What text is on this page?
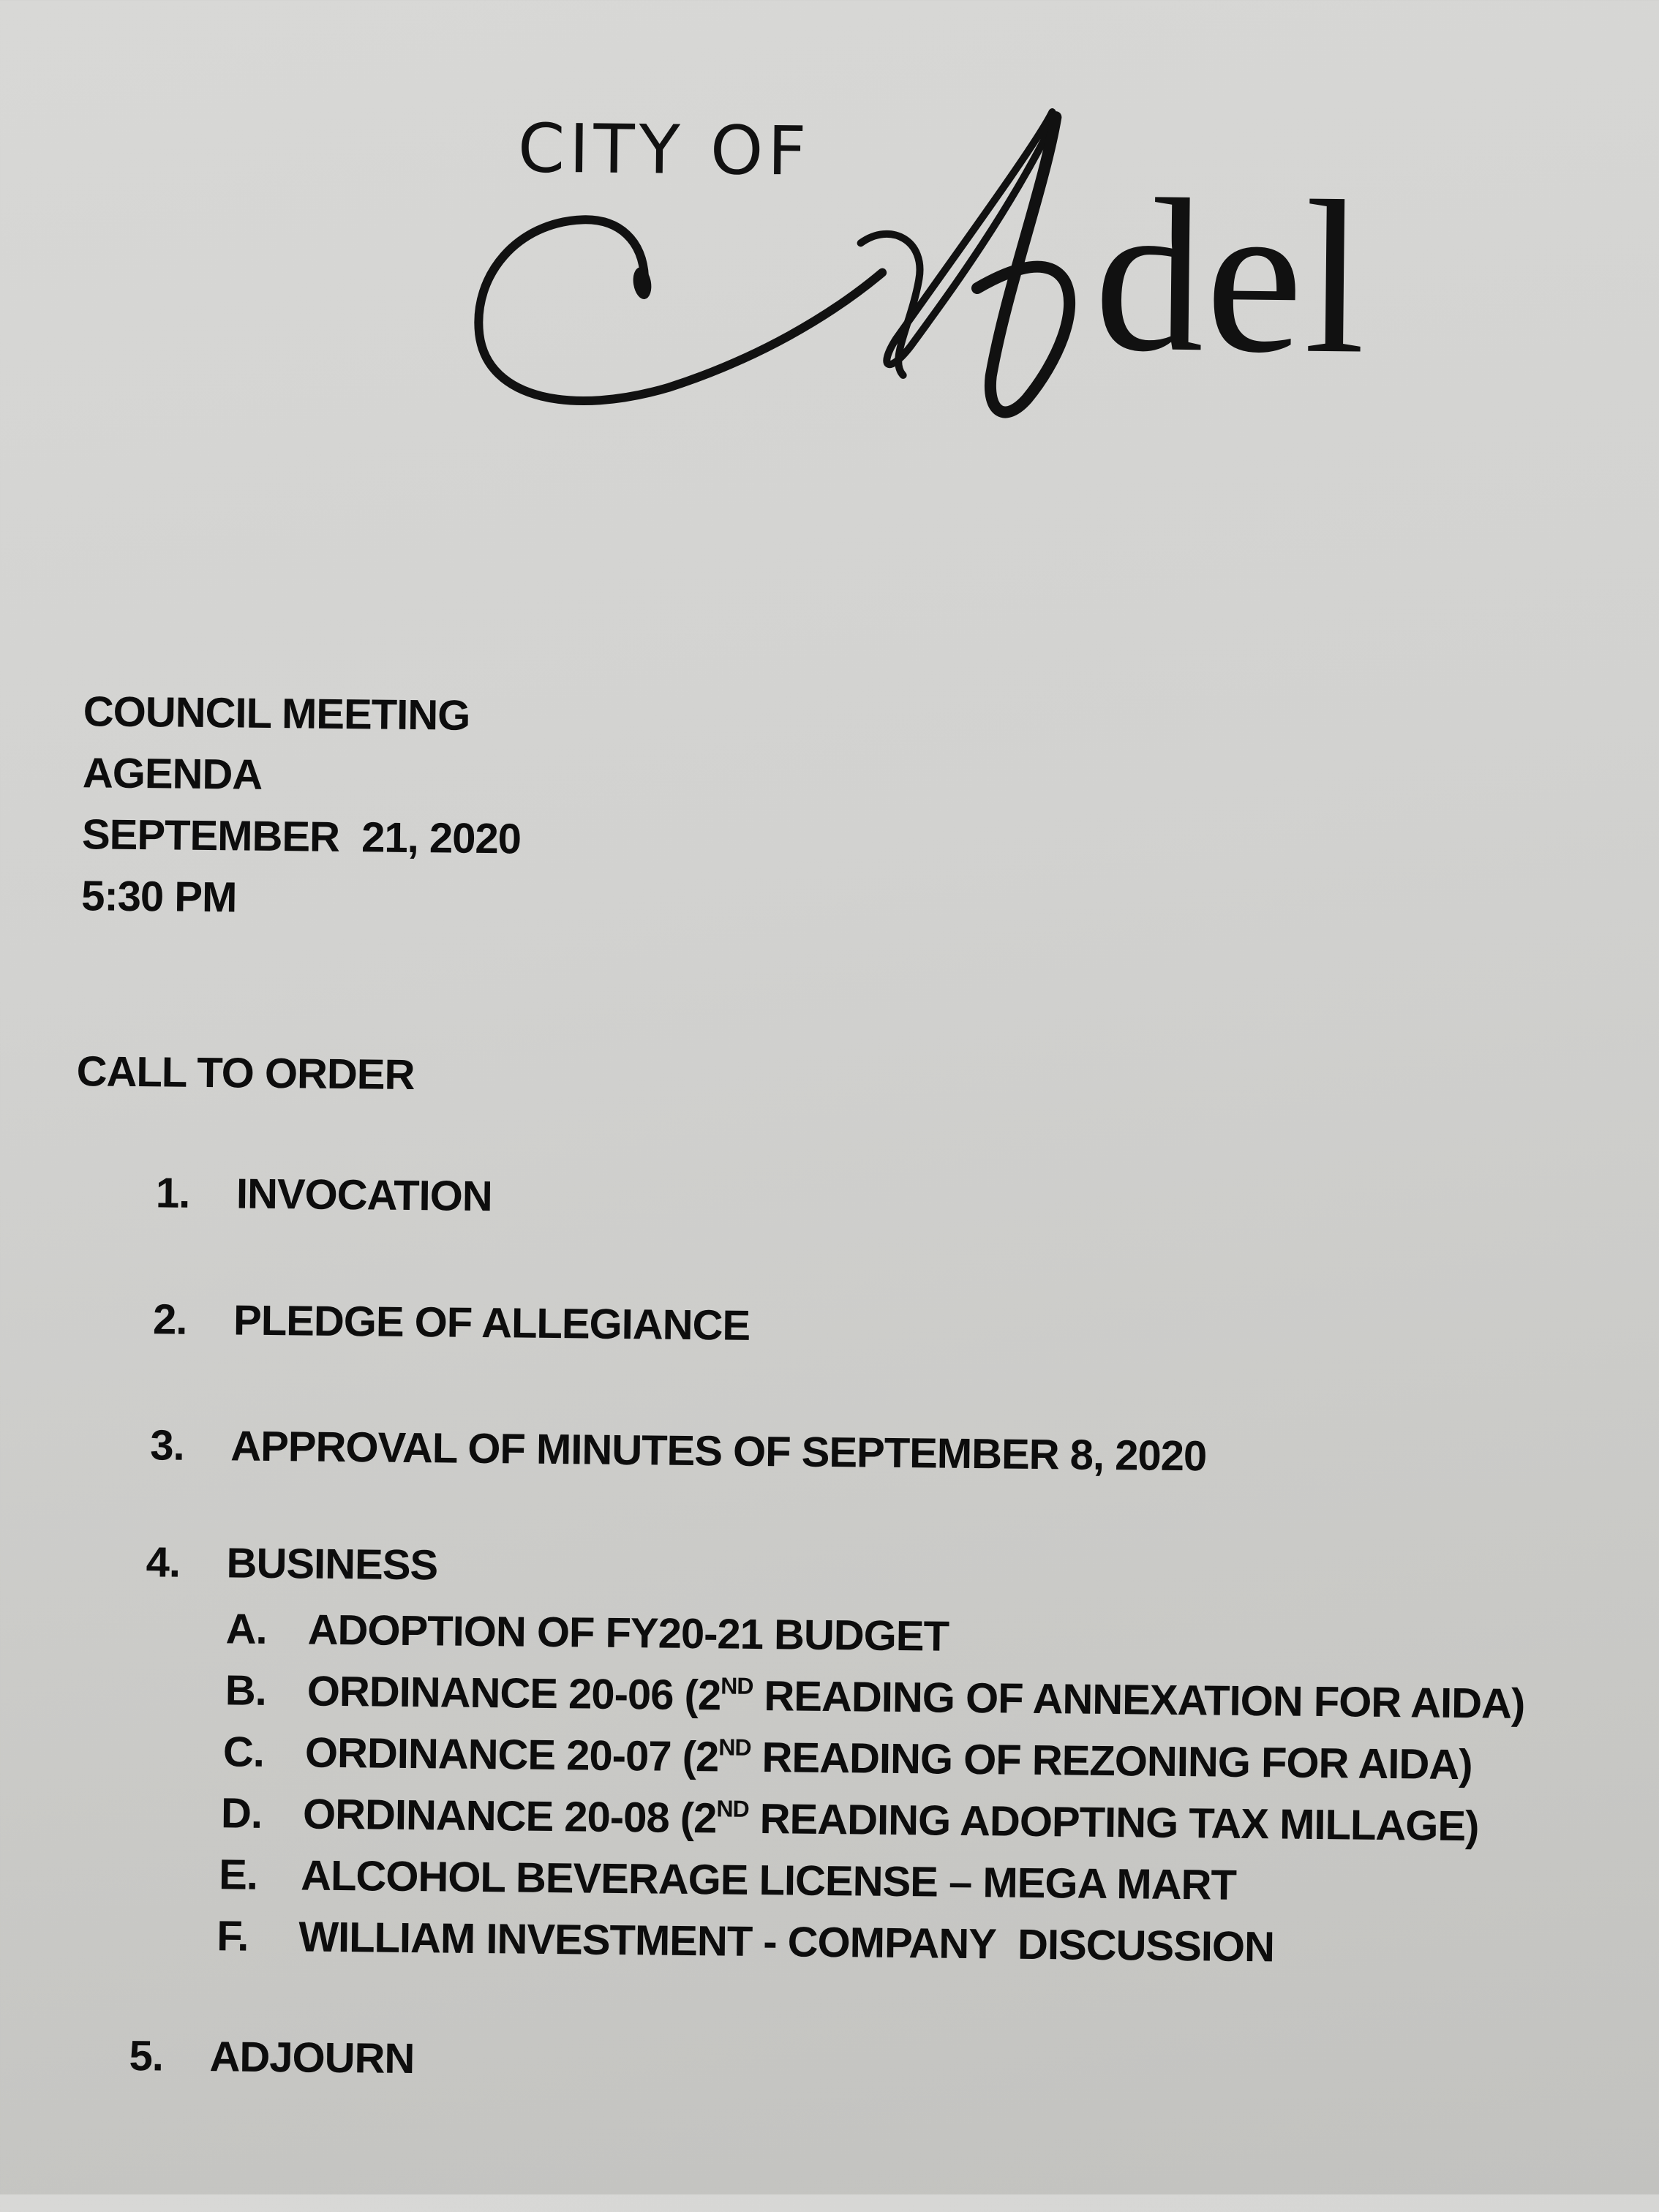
CITY OF
del
COUNCIL MEETING
AGENDA
SEPTEMBER  21, 2020
5:30 PM
CALL TO ORDER
1.	INVOCATION
2.	PLEDGE OF ALLEGIANCE
3.	APPROVAL OF MINUTES OF SEPTEMBER 8, 2020
4.	BUSINESS
A. ADOPTION OF FY20-21 BUDGET
B. ORDINANCE 20-06 (2ND READING OF ANNEXATION FOR AIDA)
C. ORDINANCE 20-07 (2ND READING OF REZONING FOR AIDA)
D. ORDINANCE 20-08 (2ND READING ADOPTING TAX MILLAGE)
E.	ALCOHOL BEVERAGE LICENSE – MEGA MART
F.	WILLIAM INVESTMENT - COMPANY  DISCUSSION
5.	ADJOURN
